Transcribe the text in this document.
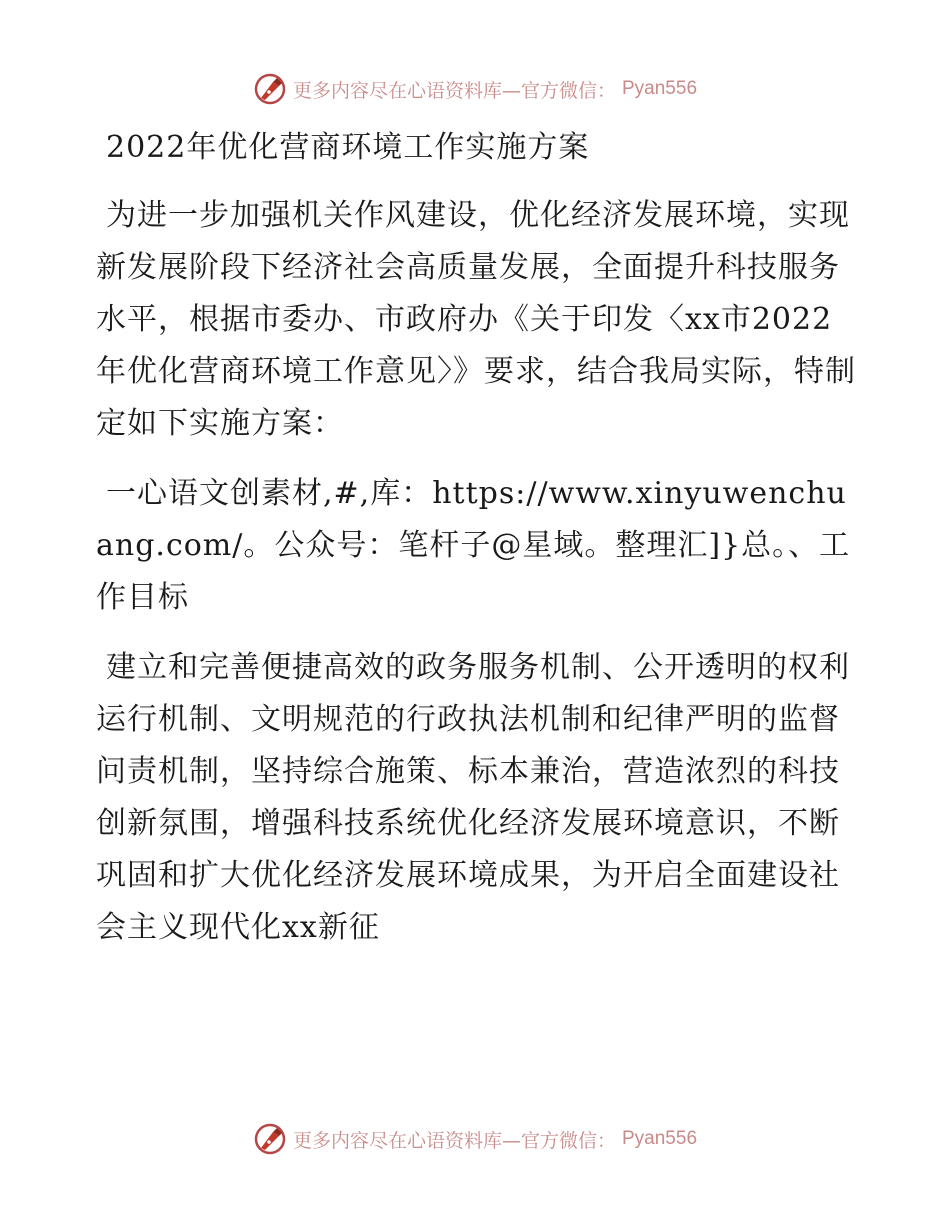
更多内容尽在心语资料库—官方微信： Pyan556
2022年优化营商环境工作实施方案

为进一步加强机关作风建设，优化经济发展环境，实现新发展阶段下经济社会高质量发展，全面提升科技服务水平，根据市委办、市政府办《关于印发〈xx市2022年优化营商环境工作意见〉》要求，结合我局实际，特制定如下实施方案：

一心语文创素材,#,库：https://www.xinyuwenchuang.com/。公众号：笔杆子@星域。整理汇]}总。、工作目标

建立和完善便捷高效的政务服务机制、公开透明的权利运行机制、文明规范的行政执法机制和纪律严明的监督问责机制，坚持综合施策、标本兼治，营造浓烈的科技创新氛围，增强科技系统优化经济发展环境意识，不断巩固和扩大优化经济发展环境成果，为开启全面建设社会主义现代化xx新征

更多内容尽在心语资料库—官方微信： Pyan556
